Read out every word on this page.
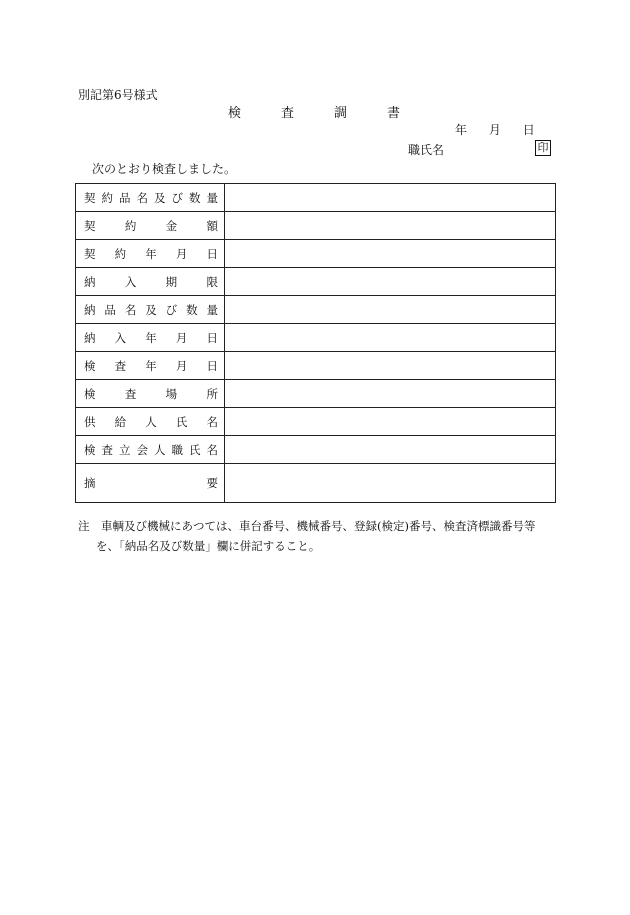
別記第6号様式
検査調書
年 月 日
職氏名	印
次のとおり検査しました。
契約品名及び数量	

契約金額	

契約年月日	

納入期限	

納品名及び数量	

納入年月日	

検査年月日	

検査場所	

供給人氏名	

検査立会人職氏名	

摘要	

注　車輌及び機械にあつては、車台番号、機械番号、登録(検定)番号、検査済標識番号等
を、「納品名及び数量」欄に併記すること。
